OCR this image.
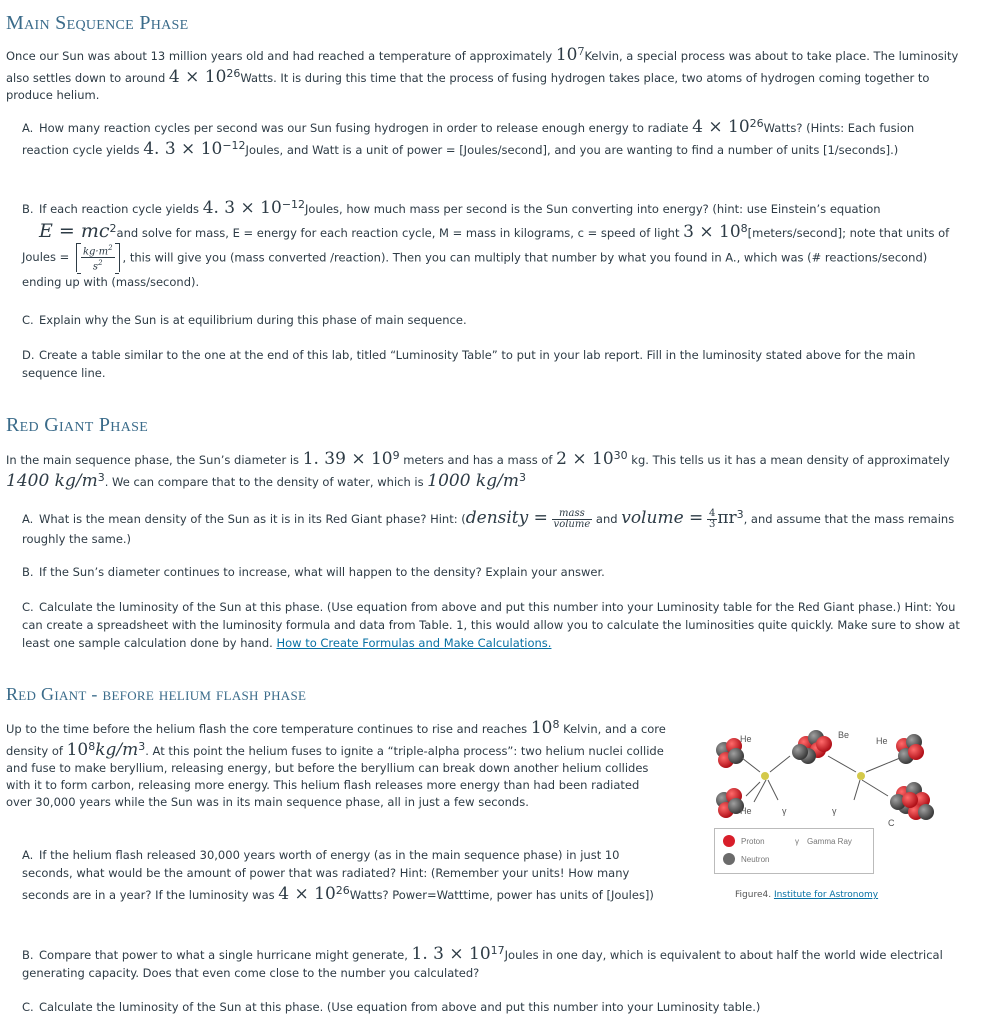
Main Sequence Phase
Once our Sun was about 13 million years old and had reached a temperature of approximately $10^7Kelvin$, a special process was about to take place. The luminosity also settles down to around $4 \times 10^{26}Watts$. It is during this time that the process of fusing hydrogen takes place, two atoms of hydrogen coming together to produce helium.
A. How many reaction cycles per second was our Sun fusing hydrogen in order to release enough energy to radiate $4 \times 10^{26}Watts$? (Hints: Each fusion reaction cycle yields 4. $3 \times 10^{-12}Joules$, and Watt is a unit of power = [Joules/second], and you are wanting to find a number of units [1/seconds].)
B. If each reaction cycle yields 4. $3 \times 10^{-12}Joules$, how much mass per second is the Sun converting into energy? (hint: use Einstein’s equation
$E = mc^2and$ solve for mass, E = energy for each reaction cycle, M = mass in kilograms, c = speed of light $3 \times 10^8[meters/second]$; note that units of Joules = $\frac{kg\cdot m^2}{s^2}$ , this will give you (mass converted /reaction). Then you can multiply that number by what you found in A., which was (# reactions/second) ending up with (mass/second).
C. Explain why the Sun is at equilibrium during this phase of main sequence.
D. Create a table similar to the one at the end of this lab, titled “Luminosity Table” to put in your lab report. Fill in the luminosity stated above for the main sequence line.
Red Giant Phase
In the main sequence phase, the Sun’s diameter is 1. $39 \times 10^9$ meters and has a mass of $2 \times 10^{30}$ kg. This tells us it has a mean density of approximately 1400 $kg/m^3$. We can compare that to the density of water, which is 1000 $kg/m^3$
A. What is the mean density of the Sun as it is in its Red Giant phase? Hint: (density = $\frac{\text{mass}}{\text{volume}}$ and volume = $\frac{4}{3} \pi r^3$, and assume that the mass remains roughly the same.)
B. If the Sun’s diameter continues to increase, what will happen to the density? Explain your answer.
C. Calculate the luminosity of the Sun at this phase. (Use equation from above and put this number into your Luminosity table for the Red Giant phase.) Hint: You can create a spreadsheet with the luminosity formula and data from Table. 1, this would allow you to calculate the luminosities quite quickly. Make sure to show at least one sample calculation done by hand. How to Create Formulas and Make Calculations.
Red Giant - before helium flash phase
Up to the time before the helium flash the core temperature continues to rise and reaches $10^8$ Kelvin, and a core density of $10^8kg/m^3$. At this point the helium fuses to ignite a “triple-alpha process”: two helium nuclei collide and fuse to make beryllium, releasing energy, but before the beryllium can break down another helium collides with it to form carbon, releasing more energy. This helium flash releases more energy than had been radiated over 30,000 years while the Sun was in its main sequence phase, all in just a few seconds.
A. If the helium flash released 30,000 years worth of energy (as in the main sequence phase) in just 10 seconds, what would be the amount of power that was radiated? Hint: (Remember your units! How many seconds are in a year? If the luminosity was $4 \times 10^{26}Watts$? Power=Watttime, power has units of [Joules])
B. Compare that power to what a single hurricane might generate, 1. $3 \times 10^{17}Joules$ in one day, which is equivalent to about half the world wide electrical generating capacity. Does that even come close to the number you calculated?
C. Calculate the luminosity of the Sun at this phase. (Use equation from above and put this number into your Luminosity table.)
He	Be
He
He	γ	γ
C
Proton	γ Gamma Ray
Neutron
Figure4. Institute for Astronomy
